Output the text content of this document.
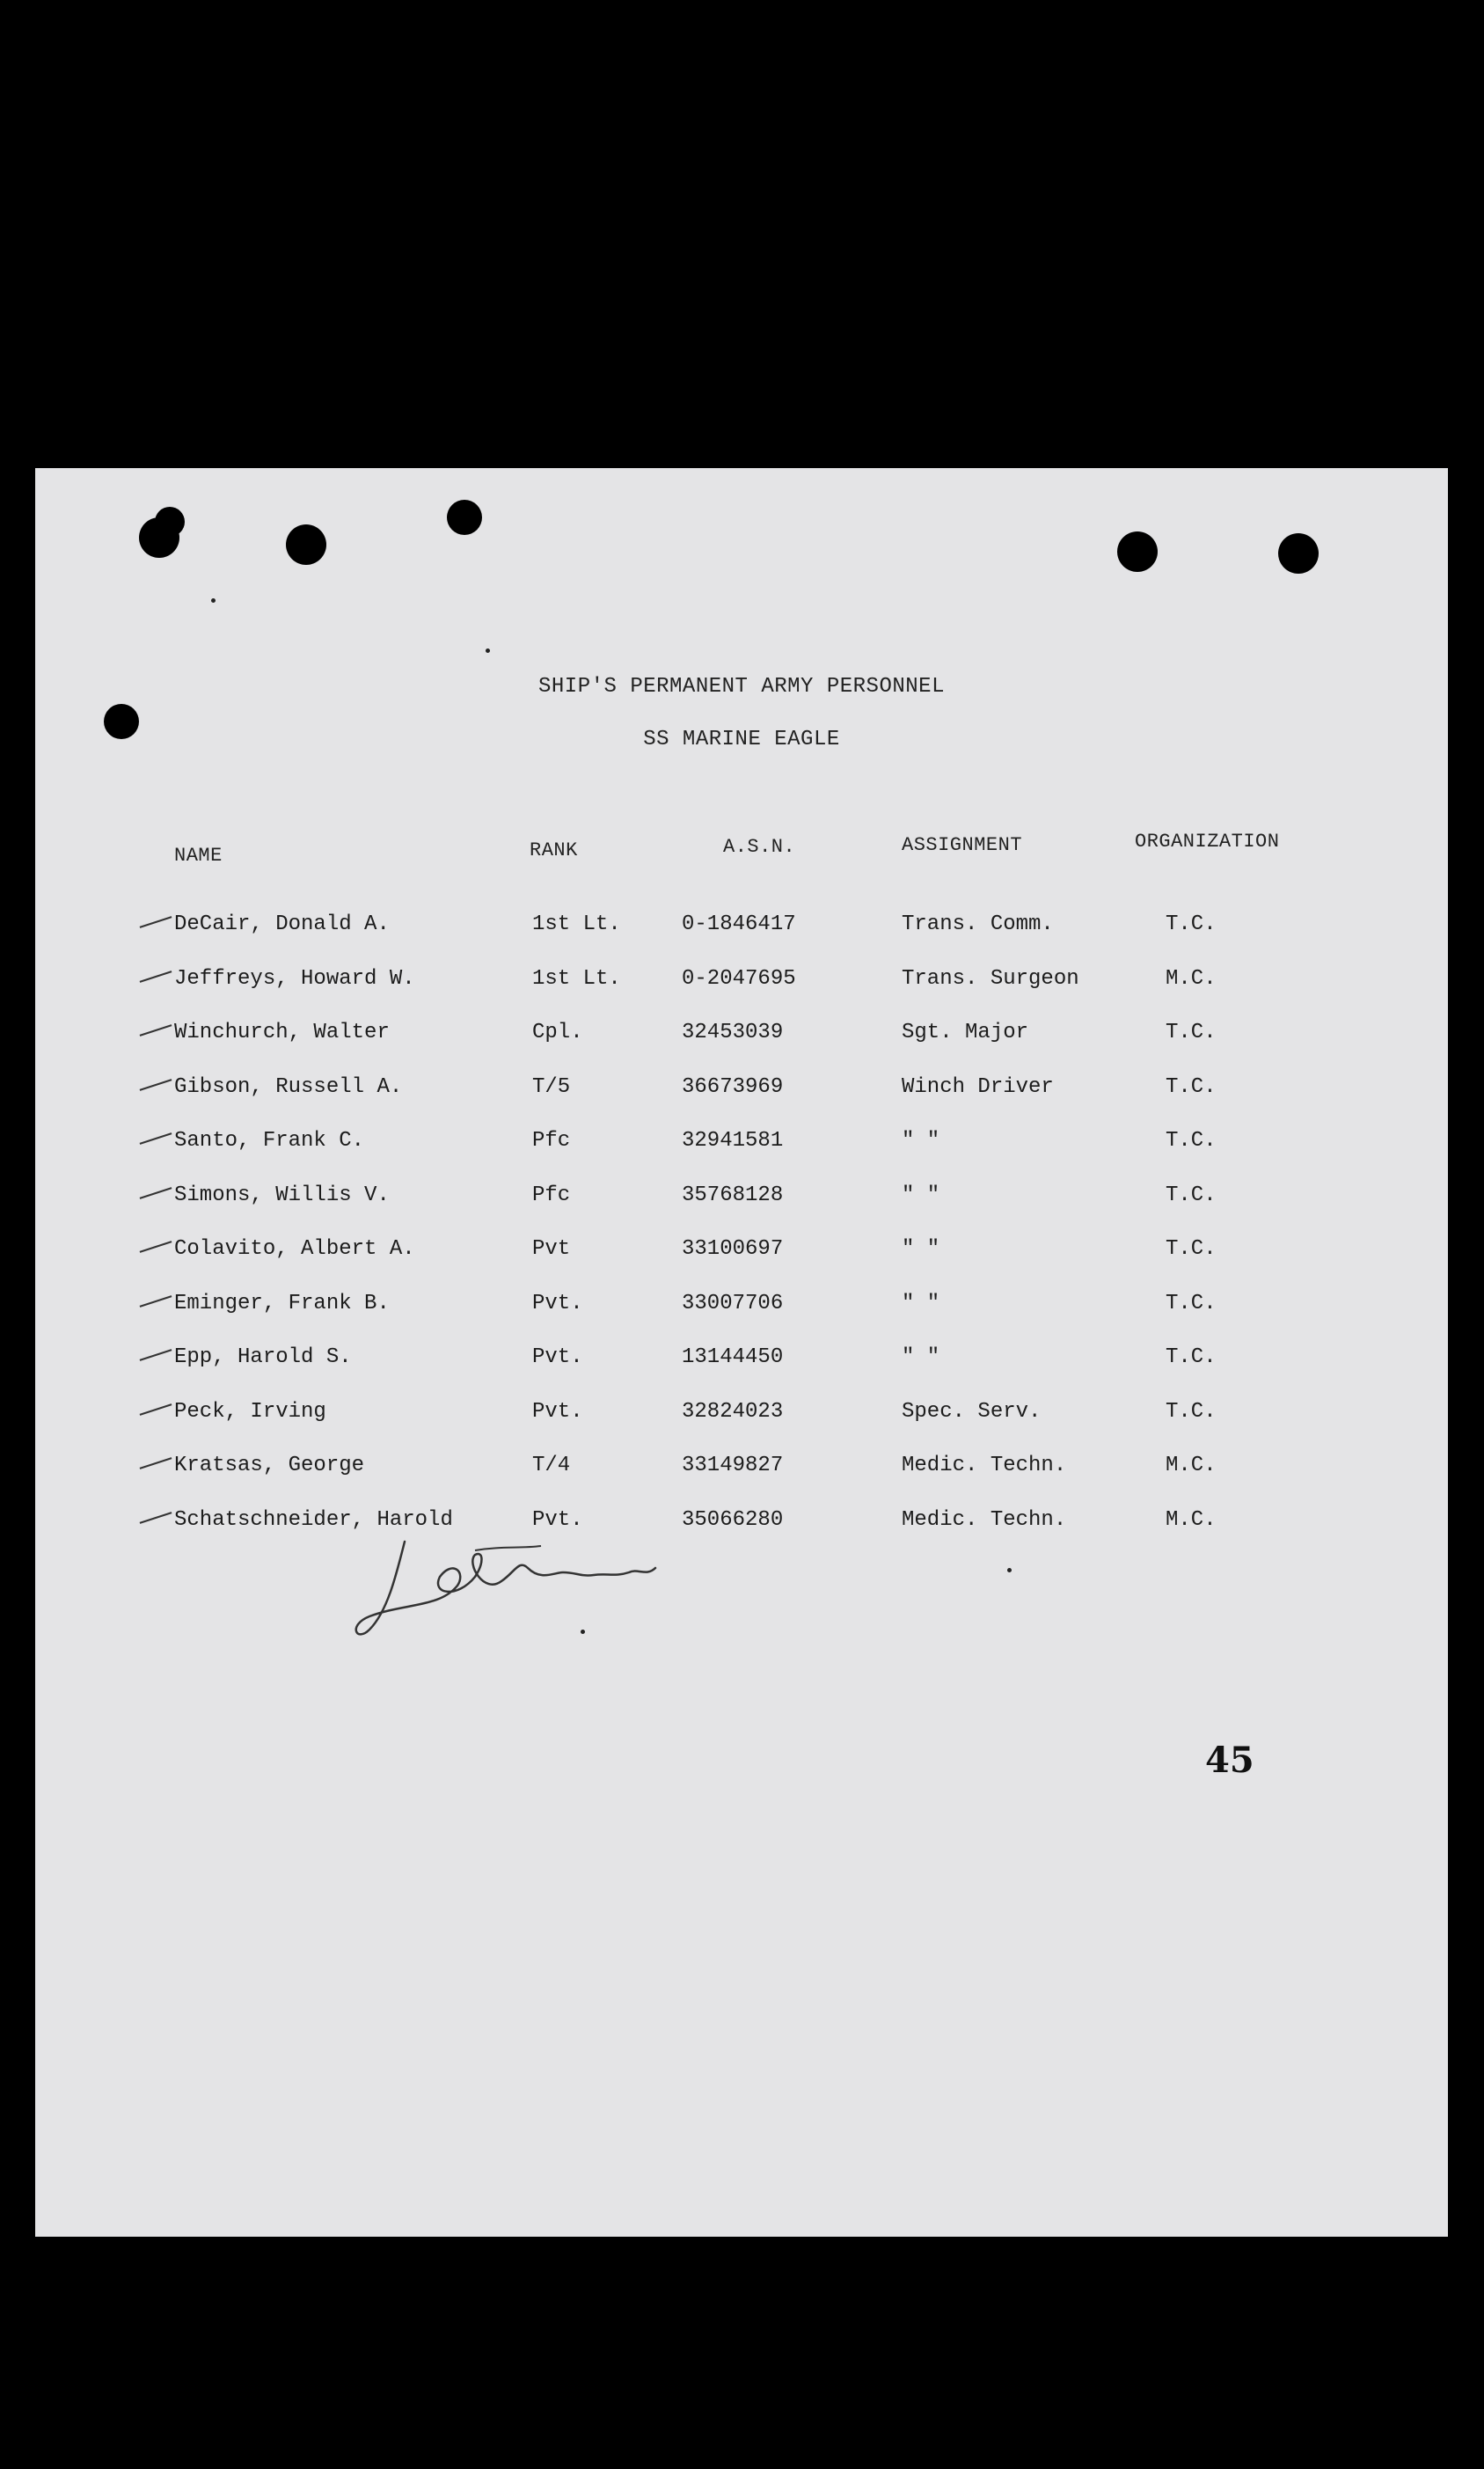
SHIP'S PERMANENT ARMY PERSONNEL
SS MARINE EAGLE
NAME	RANK	A.S.N.	ASSIGNMENT	ORGANIZATION
DeCair, Donald A.	1st Lt.	0-1846417	Trans. Comm.	T.C.
Jeffreys, Howard W.	1st Lt.	0-2047695	Trans. Surgeon	M.C.
Winchurch, Walter	Cpl.	32453039	Sgt. Major	T.C.
Gibson, Russell A.	T/5	36673969	Winch Driver	T.C.
Santo, Frank C.	Pfc	32941581	" "	T.C.
Simons, Willis V.	Pfc	35768128	" "	T.C.
Colavito, Albert A.	Pvt	33100697	" "	T.C.
Eminger, Frank B.	Pvt.	33007706	" "	T.C.
Epp, Harold S.	Pvt.	13144450	" "	T.C.
Peck, Irving	Pvt.	32824023	Spec. Serv.	T.C.
Kratsas, George	T/4	33149827	Medic. Techn.	M.C.
Schatschneider, Harold	Pvt.	35066280	Medic. Techn.	M.C.
45
